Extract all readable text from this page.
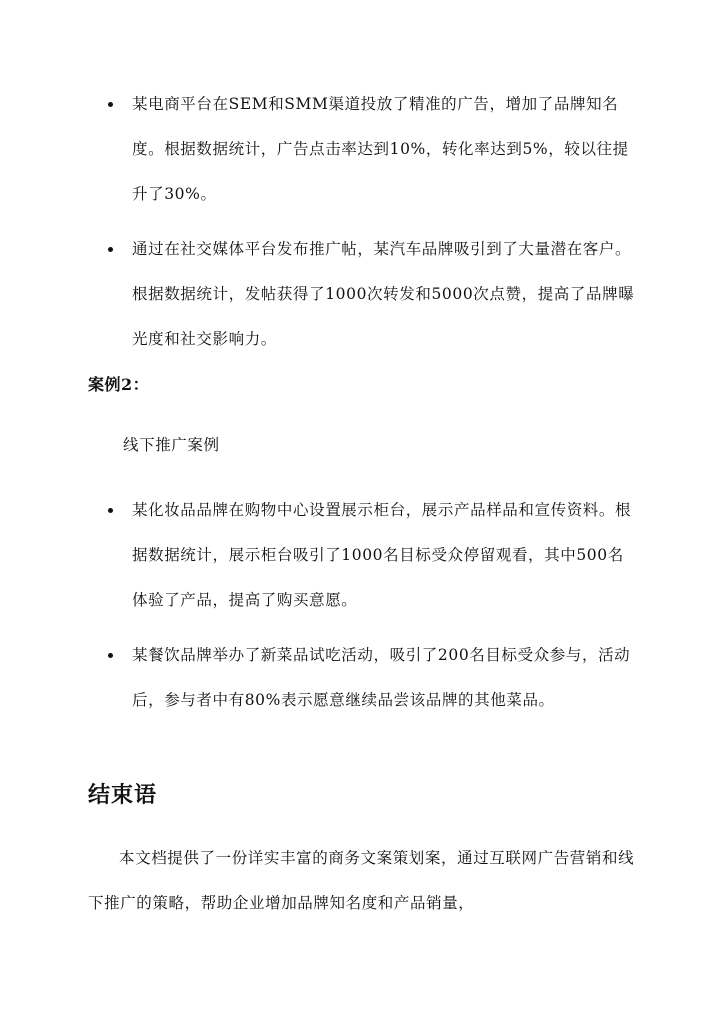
某电商平台在SEM和SMM渠道投放了精准的广告，增加了品牌知名度。根据数据统计，广告点击率达到10%，转化率达到5%，较以往提升了30%。
通过在社交媒体平台发布推广帖，某汽车品牌吸引到了大量潜在客户。根据数据统计，发帖获得了1000次转发和5000次点赞，提高了品牌曝光度和社交影响力。
案例2：

线下推广案例

某化妆品品牌在购物中心设置展示柜台，展示产品样品和宣传资料。根据数据统计，展示柜台吸引了1000名目标受众停留观看，其中500名体验了产品，提高了购买意愿。
某餐饮品牌举办了新菜品试吃活动，吸引了200名目标受众参与，活动后，参与者中有80%表示愿意继续品尝该品牌的其他菜品。
结束语

本文档提供了一份详实丰富的商务文案策划案，通过互联网广告营销和线下推广的策略，帮助企业增加品牌知名度和产品销量，
